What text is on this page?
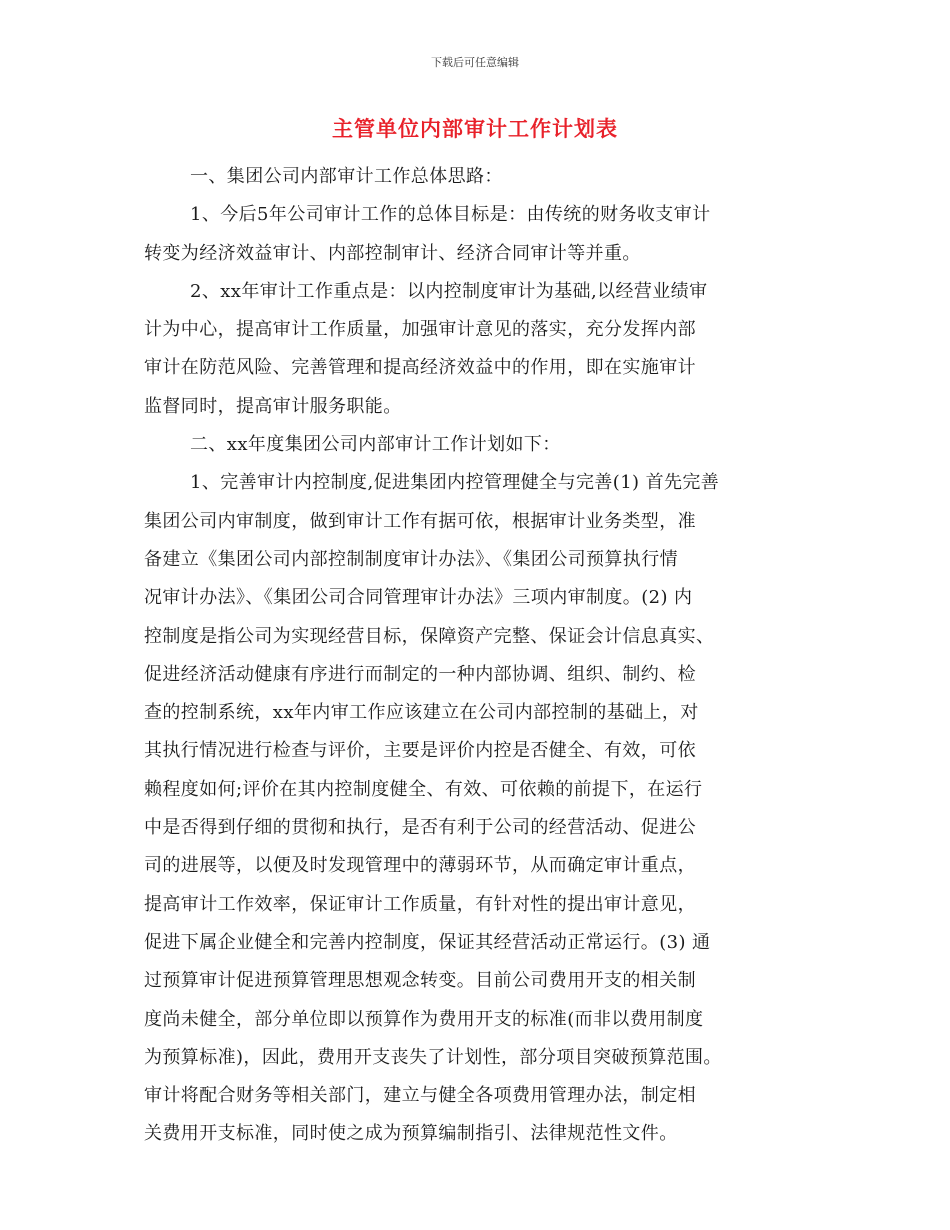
下载后可任意编辑
主管单位内部审计工作计划表
一、集团公司内部审计工作总体思路：
1、今后5年公司审计工作的总体目标是：由传统的财务收支审计
转变为经济效益审计、内部控制审计、经济合同审计等并重。
2、xx年审计工作重点是：以内控制度审计为基础,以经营业绩审
计为中心，提高审计工作质量，加强审计意见的落实，充分发挥内部
审计在防范风险、完善管理和提高经济效益中的作用，即在实施审计
监督同时，提高审计服务职能。
二、xx年度集团公司内部审计工作计划如下：
1、完善审计内控制度,促进集团内控管理健全与完善(1) 首先完善
集团公司内审制度，做到审计工作有据可依，根据审计业务类型，准
备建立《集团公司内部控制制度审计办法》、《集团公司预算执行情
况审计办法》、《集团公司合同管理审计办法》三项内审制度。(2) 内
控制度是指公司为实现经营目标，保障资产完整、保证会计信息真实、
促进经济活动健康有序进行而制定的一种内部协调、组织、制约、检
查的控制系统，xx年内审工作应该建立在公司内部控制的基础上，对
其执行情况进行检查与评价，主要是评价内控是否健全、有效，可依
赖程度如何;评价在其内控制度健全、有效、可依赖的前提下，在运行
中是否得到仔细的贯彻和执行，是否有利于公司的经营活动、促进公
司的进展等，以便及时发现管理中的薄弱环节，从而确定审计重点，
提高审计工作效率，保证审计工作质量，有针对性的提出审计意见，
促进下属企业健全和完善内控制度，保证其经营活动正常运行。(3) 通
过预算审计促进预算管理思想观念转变。目前公司费用开支的相关制
度尚未健全，部分单位即以预算作为费用开支的标准(而非以费用制度
为预算标准)，因此，费用开支丧失了计划性，部分项目突破预算范围。
审计将配合财务等相关部门，建立与健全各项费用管理办法，制定相
关费用开支标准，同时使之成为预算编制指引、法律规范性文件。
